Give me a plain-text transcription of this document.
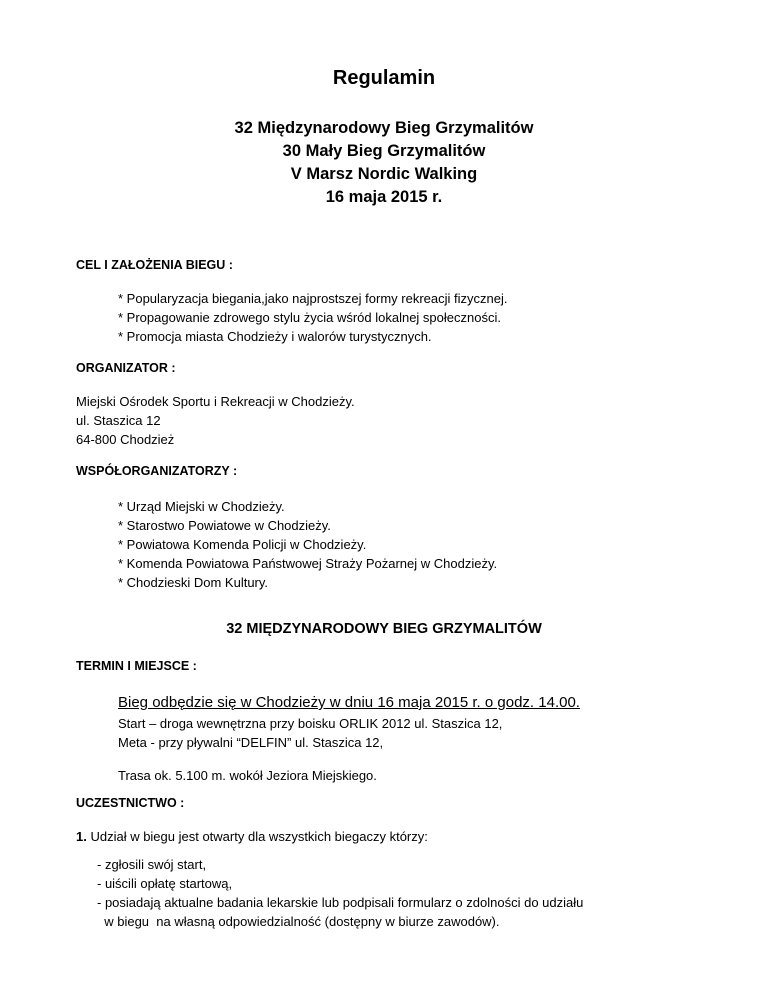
Regulamin
32 Międzynarodowy Bieg Grzymalitów
30 Mały Bieg Grzymalitów
V Marsz Nordic Walking
16 maja 2015 r.
CEL I ZAŁOŻENIA BIEGU :
* Popularyzacja biegania,jako najprostszej formy rekreacji fizycznej.
* Propagowanie zdrowego stylu życia wśród lokalnej społeczności.
* Promocja miasta Chodzieży i walorów turystycznych.
ORGANIZATOR :
Miejski Ośrodek Sportu i Rekreacji w Chodzieży.
ul. Staszica 12
64-800 Chodzież
WSPÓŁORGANIZATORZY :
* Urząd Miejski w Chodzieży.
* Starostwo Powiatowe w Chodzieży.
* Powiatowa Komenda Policji w Chodzieży.
* Komenda Powiatowa Państwowej Straży Pożarnej w Chodzieży.
* Chodzieski Dom Kultury.
32 MIĘDZYNARODOWY BIEG GRZYMALITÓW
TERMIN I MIEJSCE :
Bieg odbędzie się w Chodzieży w dniu 16 maja 2015 r. o godz. 14.00.
Start – droga wewnętrzna przy boisku ORLIK 2012 ul. Staszica 12,
Meta - przy pływalni “DELFIN” ul. Staszica 12,
Trasa ok. 5.100 m. wokół Jeziora Miejskiego.
UCZESTNICTWO :
1. Udział w biegu jest otwarty dla wszystkich biegaczy którzy:
- zgłosili swój start,
- uiścili opłatę startową,
- posiadają aktualne badania lekarskie lub podpisali formularz o zdolności do udziału
w biegu  na własną odpowiedzialność (dostępny w biurze zawodów).
